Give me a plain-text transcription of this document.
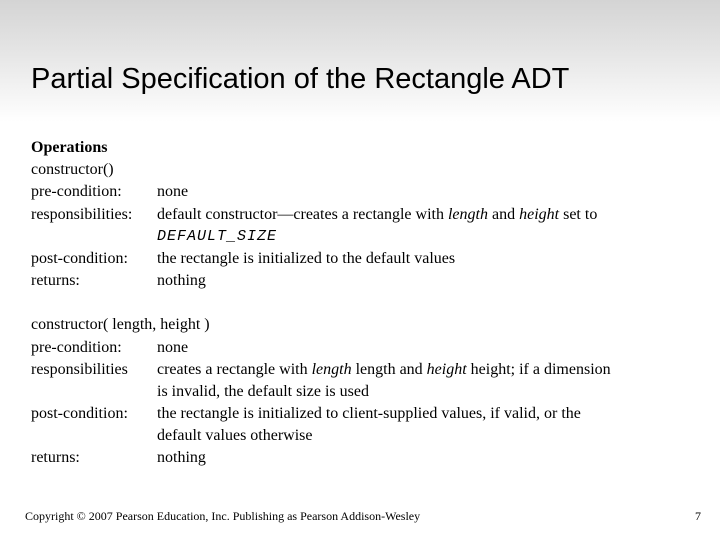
Partial Specification of the Rectangle ADT
Operations
constructor()
pre-condition: none
responsibilities: default constructor—creates a rectangle with length and height set to
DEFAULT_SIZE
post-condition: the rectangle is initialized to the default values
returns:	nothing
constructor( length, height )
pre-condition: none
responsibilities creates a rectangle with length length and height height; if a dimension
is invalid, the default size is used
post-condition: the rectangle is initialized to client-supplied values, if valid, or the
default values otherwise
returns:	nothing
Copyright © 2007 Pearson Education, Inc. Publishing as Pearson Addison-Wesley	7
